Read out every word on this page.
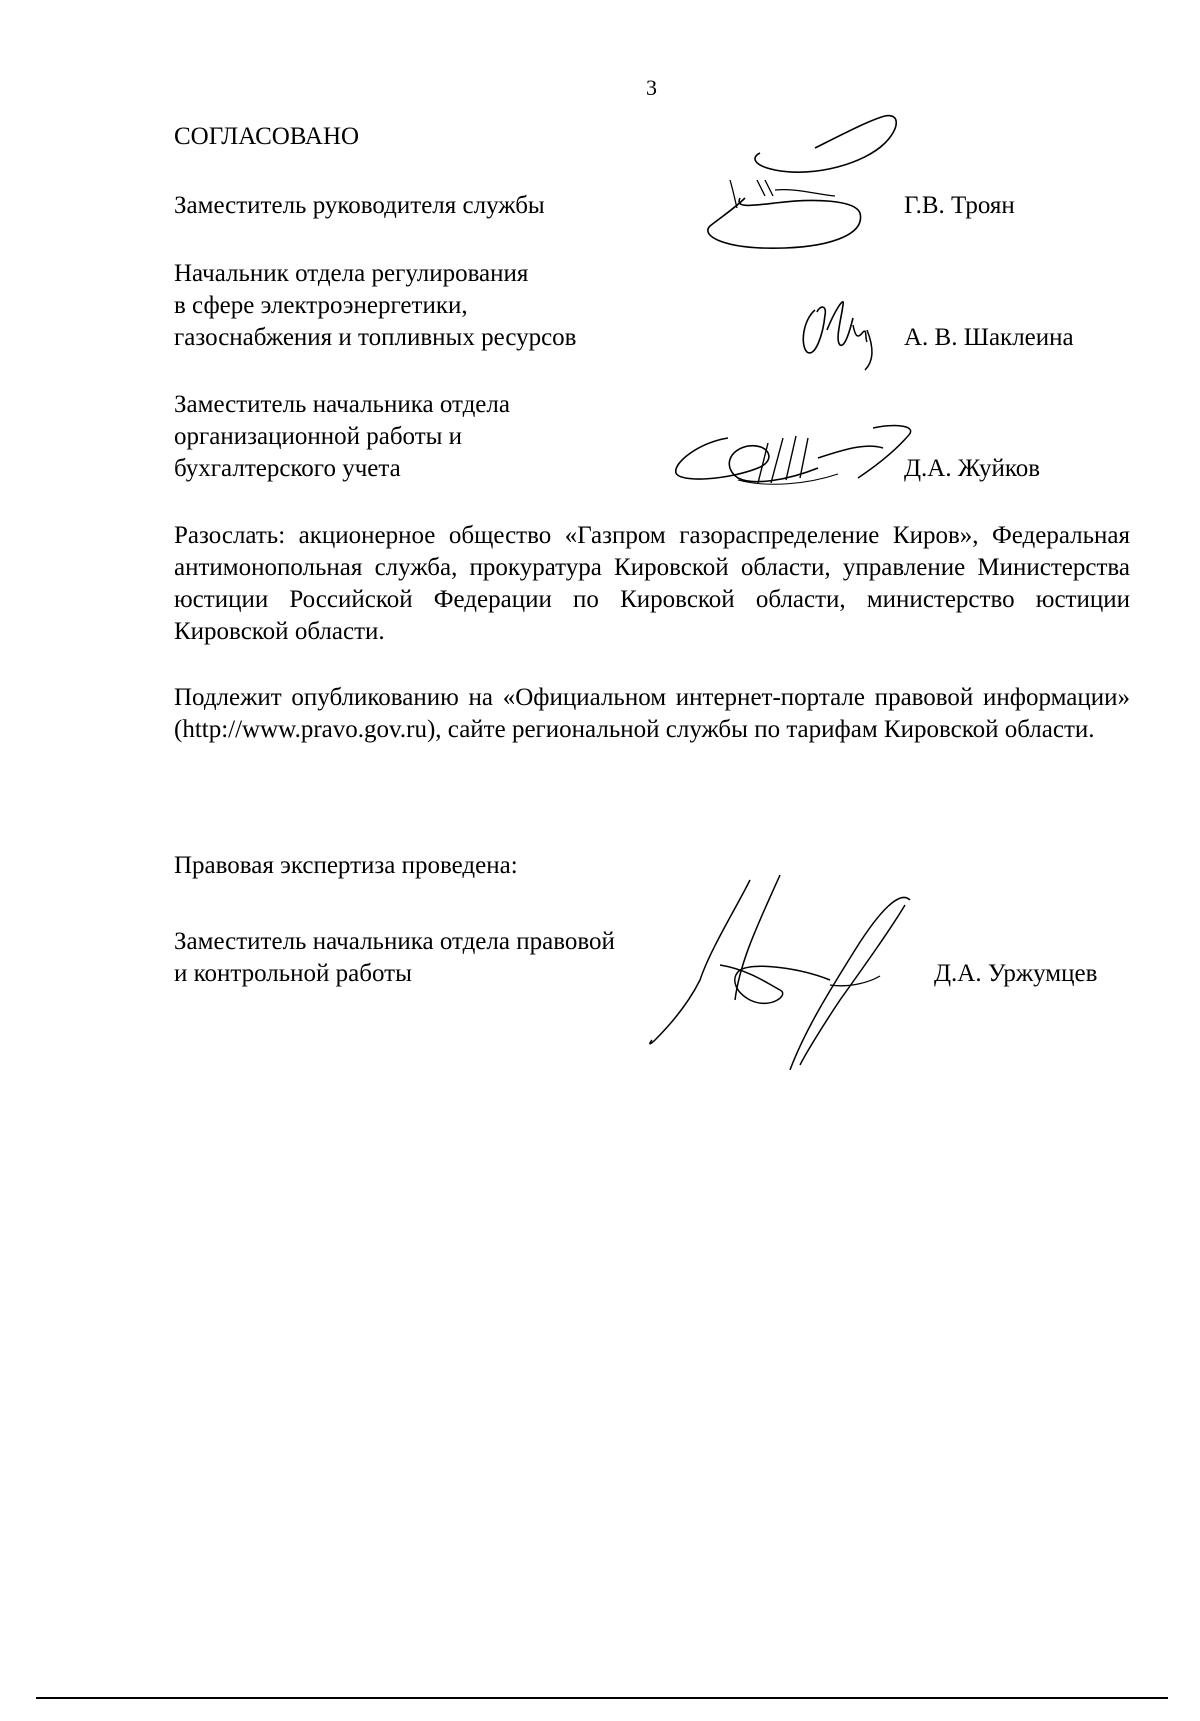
3
СОГЛАСОВАНО
Заместитель руководителя службы	Г.В. Троян
Начальник отдела регулирования
в сфере электроэнергетики,
газоснабжения и топливных ресурсов	А. В. Шаклеина
Заместитель начальника отдела
организационной работы и
бухгалтерского учета	Д.А. Жуйков

Разослать: акционерное общество «Газпром газораспределение Киров», Федеральная антимонопольная служба, прокуратура Кировской области, управление Министерства юстиции Российской Федерации по Кировской области, министерство юстиции Кировской области.

Подлежит опубликованию на «Официальном интернет-портале правовой информации» (http://www.pravo.gov.ru), сайте региональной службы по тарифам Кировской области.

Правовая экспертиза проведена:
Заместитель начальника отдела правовой
и контрольной работы	Д.А. Уржумцев
